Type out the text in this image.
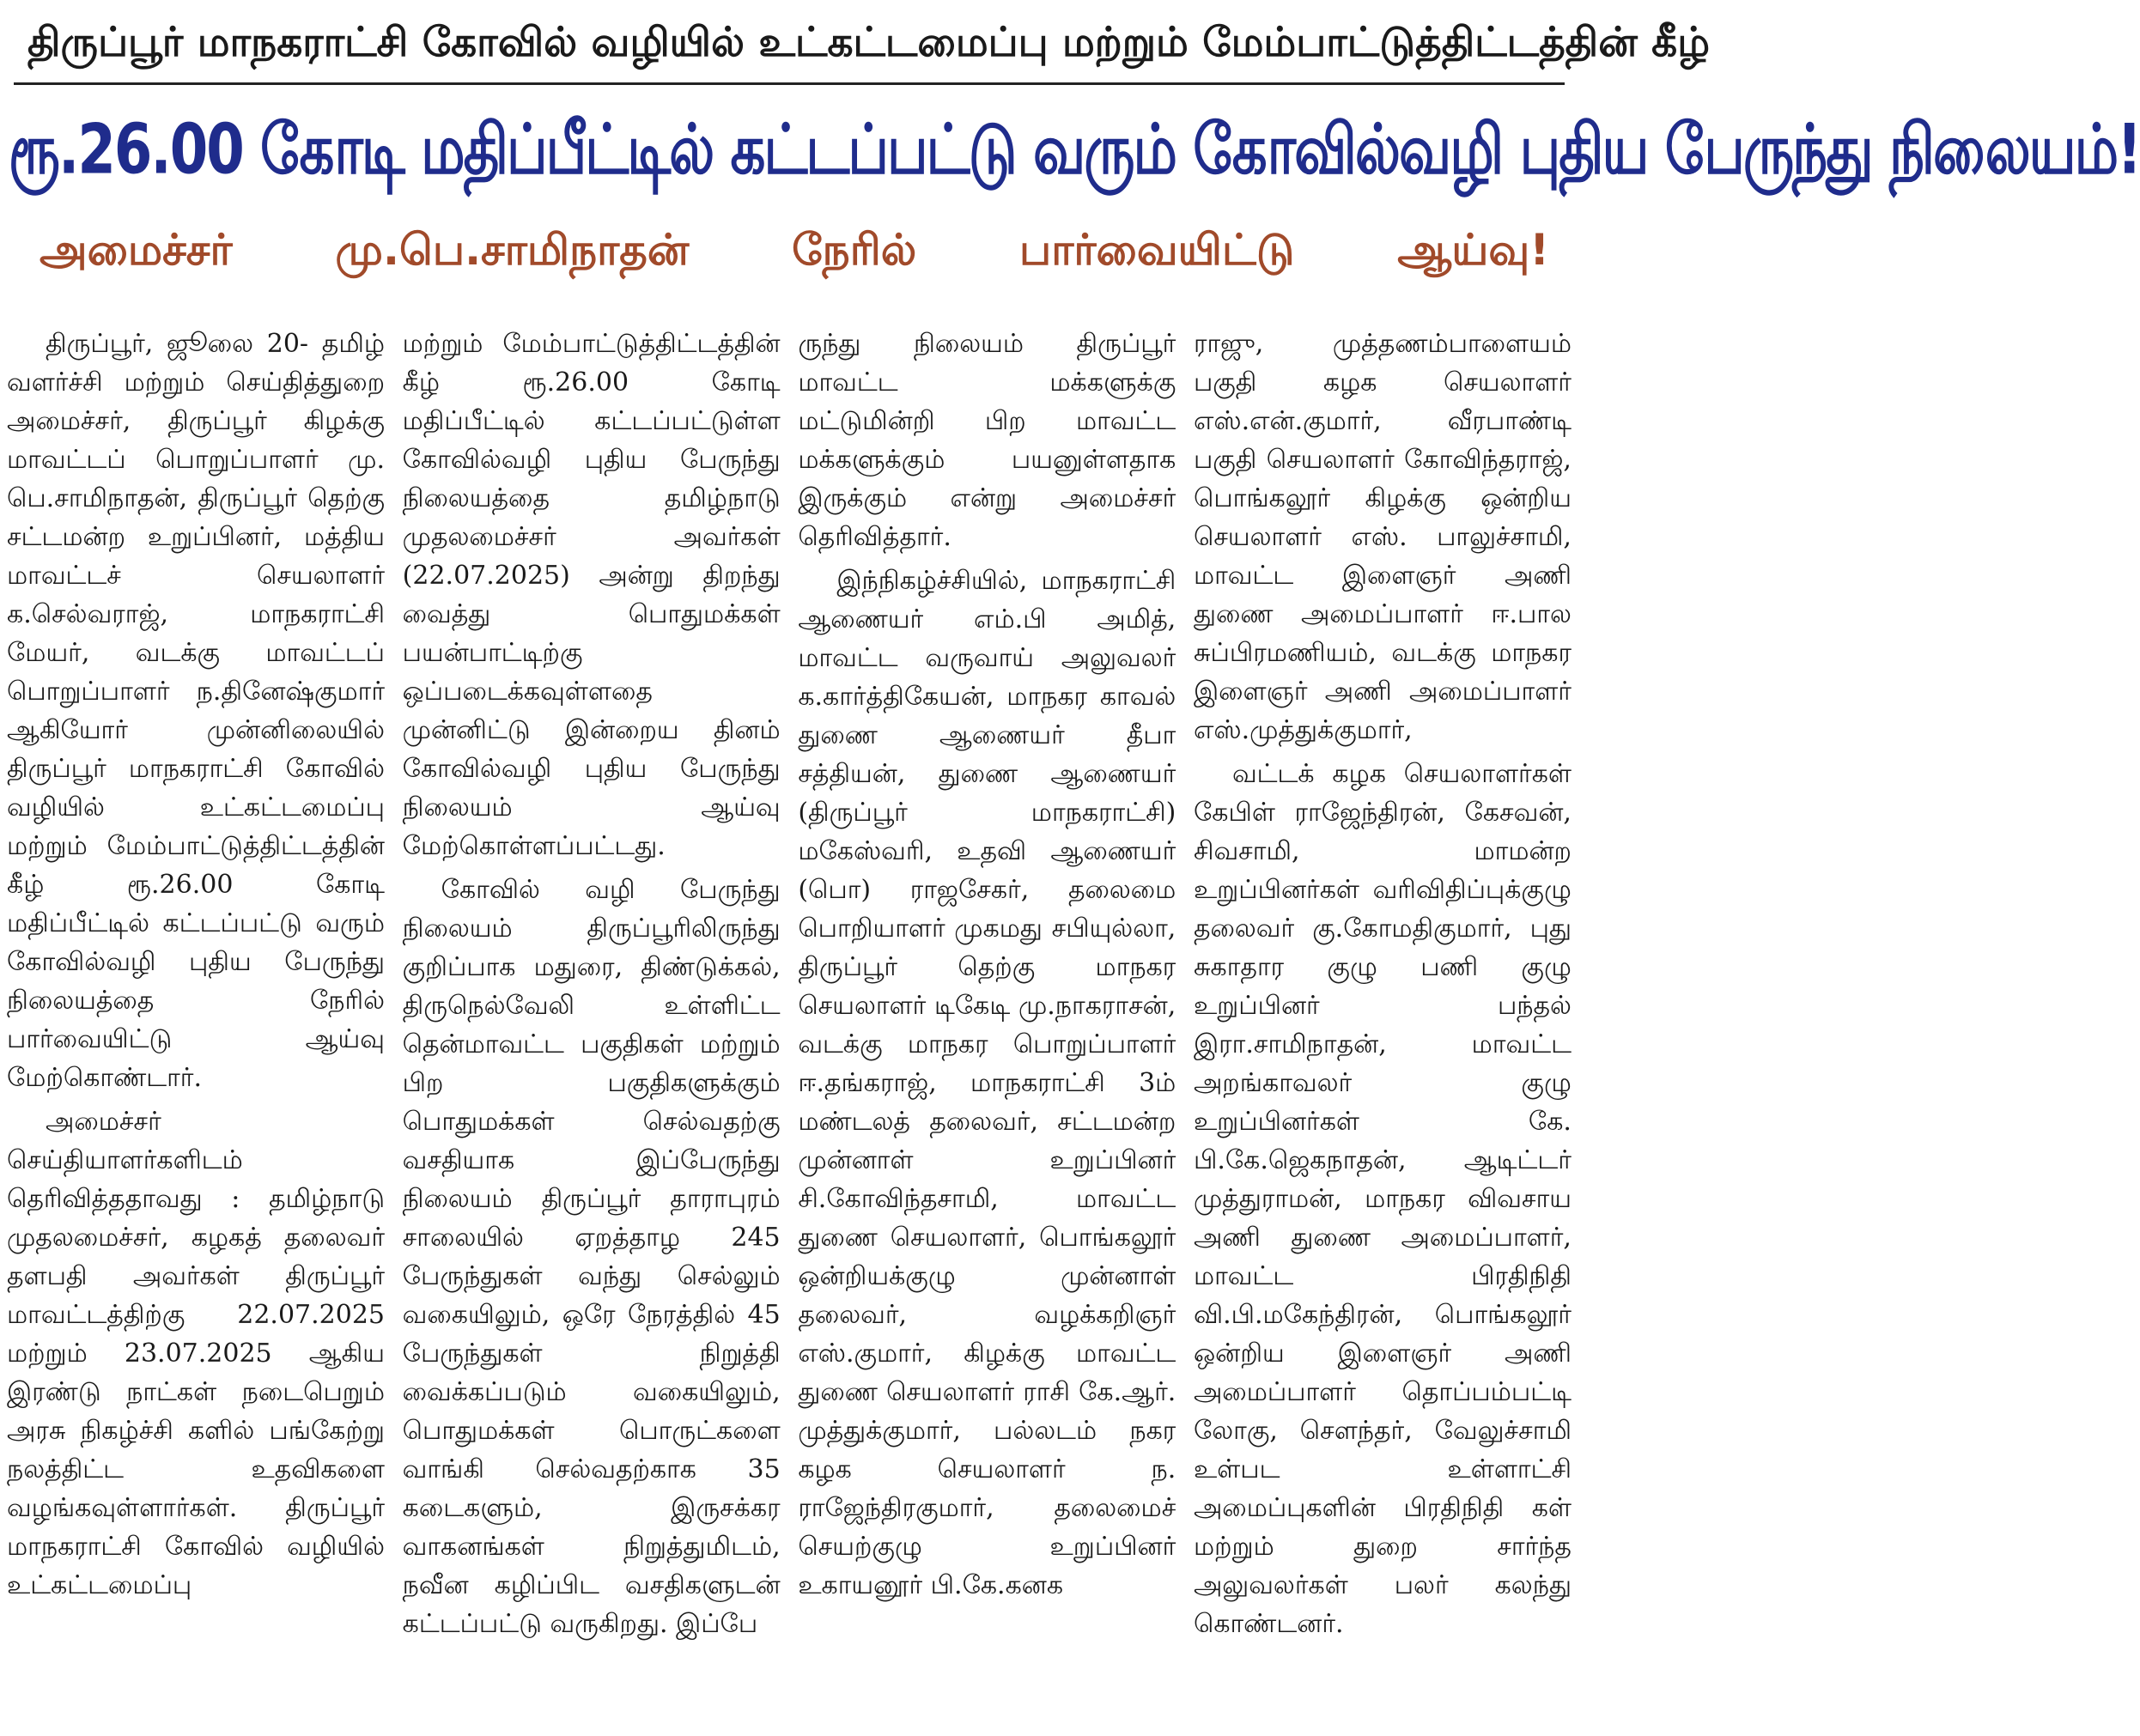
திருப்பூர் மாநகராட்சி கோவில் வழியில் உட்கட்டமைப்பு மற்றும் மேம்பாட்டுத்திட்டத்தின் கீழ்
ரூ.26.00 கோடி மதிப்பீட்டில் கட்டப்பட்டு வரும் கோவில்வழி புதிய பேருந்து நிலையம்!
அமைச்சர் மு.பெ.சாமிநாதன் நேரில் பார்வையிட்டு ஆய்வு!

திருப்பூர், ஜூலை 20- தமிழ் வளர்ச்சி மற்றும் செய்தித்துறை அமைச்சர், திருப்பூர் கிழக்கு மாவட்டப் பொறுப்பாளர் மு. பெ.சாமிநாதன், திருப்பூர் தெற்கு சட்டமன்ற உறுப்பினர், மத்திய மாவட்டச் செயலாளர் க.செல்வராஜ், மாநகராட்சி மேயர், வடக்கு மாவட்டப் பொறுப்பாளர் ந.தினேஷ்குமார் ஆகியோர் முன்னிலையில் திருப்பூர் மாநகராட்சி கோவில் வழியில் உட்கட்டமைப்பு மற்றும் மேம்பாட்டுத்திட்டத்தின் கீழ் ரூ.26.00 கோடி மதிப்பீட்டில் கட்டப்பட்டு வரும் கோவில்வழி புதிய பேருந்து நிலையத்தை நேரில் பார்வையிட்டு ஆய்வு மேற்கொண்டார்.

அமைச்சர் செய்தியாளர்களிடம் தெரிவித்ததாவது : தமிழ்நாடு முதலமைச்சர், கழகத் தலைவர் தளபதி அவர்கள் திருப்பூர் மாவட்டத்திற்கு 22.07.2025 மற்றும் 23.07.2025 ஆகிய இரண்டு நாட்கள் நடைபெறும் அரசு நிகழ்ச்சி களில் பங்கேற்று நலத்திட்ட உதவிகளை வழங்கவுள்ளார்கள். திருப்பூர் மாநகராட்சி கோவில் வழியில் உட்கட்டமைப்பு

மற்றும் மேம்பாட்டுத்திட்டத்தின் கீழ் ரூ.26.00 கோடி மதிப்பீட்டில் கட்டப்பட்டுள்ள கோவில்வழி புதிய பேருந்து நிலையத்தை தமிழ்நாடு முதலமைச்சர் அவர்கள் (22.07.2025) அன்று திறந்து வைத்து பொதுமக்கள் பயன்பாட்டிற்கு ஒப்படைக்கவுள்ளதை முன்னிட்டு இன்றைய தினம் கோவில்வழி புதிய பேருந்து நிலையம் ஆய்வு மேற்கொள்ளப்பட்டது.

கோவில் வழி பேருந்து நிலையம் திருப்பூரிலிருந்து குறிப்பாக மதுரை, திண்டுக்கல், திருநெல்வேலி உள்ளிட்ட தென்மாவட்ட பகுதிகள் மற்றும் பிற பகுதிகளுக்கும் பொதுமக்கள் செல்வதற்கு வசதியாக இப்பேருந்து நிலையம் திருப்பூர் தாராபுரம் சாலையில் ஏறத்தாழ 245 பேருந்துகள் வந்து செல்லும் வகையிலும், ஒரே நேரத்தில் 45 பேருந்துகள் நிறுத்தி வைக்கப்படும் வகையிலும், பொதுமக்கள் பொருட்களை வாங்கி செல்வதற்காக 35 கடைகளும், இருசக்கர வாகனங்கள் நிறுத்துமிடம், நவீன கழிப்பிட வசதிகளுடன் கட்டப்பட்டு வருகிறது. இப்பே

ருந்து நிலையம் திருப்பூர் மாவட்ட மக்களுக்கு மட்டுமின்றி பிற மாவட்ட மக்களுக்கும் பயனுள்ளதாக இருக்கும் என்று அமைச்சர் தெரிவித்தார்.

இந்நிகழ்ச்சியில், மாநகராட்சி ஆணையர் எம்.பி அமித், மாவட்ட வருவாய் அலுவலர் க.கார்த்திகேயன், மாநகர காவல் துணை ஆணையர் தீபா சத்தியன், துணை ஆணையர் (திருப்பூர் மாநகராட்சி) மகேஸ்வரி, உதவி ஆணையர் (பொ) ராஜசேகர், தலைமை பொறியாளர் முகமது சபியுல்லா, திருப்பூர் தெற்கு மாநகர செயலாளர் டிகேடி மு.நாகராசன், வடக்கு மாநகர பொறுப்பாளர் ஈ.தங்கராஜ், மாநகராட்சி 3ம் மண்டலத் தலைவர், சட்டமன்ற முன்னாள் உறுப்பினர் சி.கோவிந்தசாமி, மாவட்ட துணை செயலாளர், பொங்கலூர் ஒன்றியக்குழு முன்னாள் தலைவர், வழக்கறிஞர் எஸ்.குமார், கிழக்கு மாவட்ட துணை செயலாளர் ராசி கே.ஆர். முத்துக்குமார், பல்லடம் நகர கழக செயலாளர் ந. ராஜேந்திரகுமார், தலைமைச் செயற்குழு உறுப்பினர் உகாயனூர் பி.கே.கனக

ராஜு, முத்தணம்பாளையம் பகுதி கழக செயலாளர் எஸ்.என்.குமார், வீரபாண்டி பகுதி செயலாளர் கோவிந்தராஜ், பொங்கலூர் கிழக்கு ஒன்றிய செயலாளர் எஸ். பாலுச்சாமி, மாவட்ட இளைஞர் அணி துணை அமைப்பாளர் ஈ.பால சுப்பிரமணியம், வடக்கு மாநகர இளைஞர் அணி அமைப்பாளர் எஸ்.முத்துக்குமார்,

வட்டக் கழக செயலாளர்கள் கேபிள் ராஜேந்திரன், கேசவன், சிவசாமி, மாமன்ற உறுப்பினர்கள் வரிவிதிப்புக்குழு தலைவர் கு.கோமதிகுமார், புது சுகாதார குழு பணி குழு உறுப்பினர் பந்தல் இரா.சாமிநாதன், மாவட்ட அறங்காவலர் குழு உறுப்பினர்கள் கே. பி.கே.ஜெகநாதன், ஆடிட்டர் முத்துராமன், மாநகர விவசாய அணி துணை அமைப்பாளர், மாவட்ட பிரதிநிதி வி.பி.மகேந்திரன், பொங்கலூர் ஒன்றிய இளைஞர் அணி அமைப்பாளர் தொப்பம்பட்டி லோகு, சௌந்தர், வேலுச்சாமி உள்பட உள்ளாட்சி அமைப்புகளின் பிரதிநிதி கள் மற்றும் துறை சார்ந்த அலுவலர்கள் பலர் கலந்து கொண்டனர்.
